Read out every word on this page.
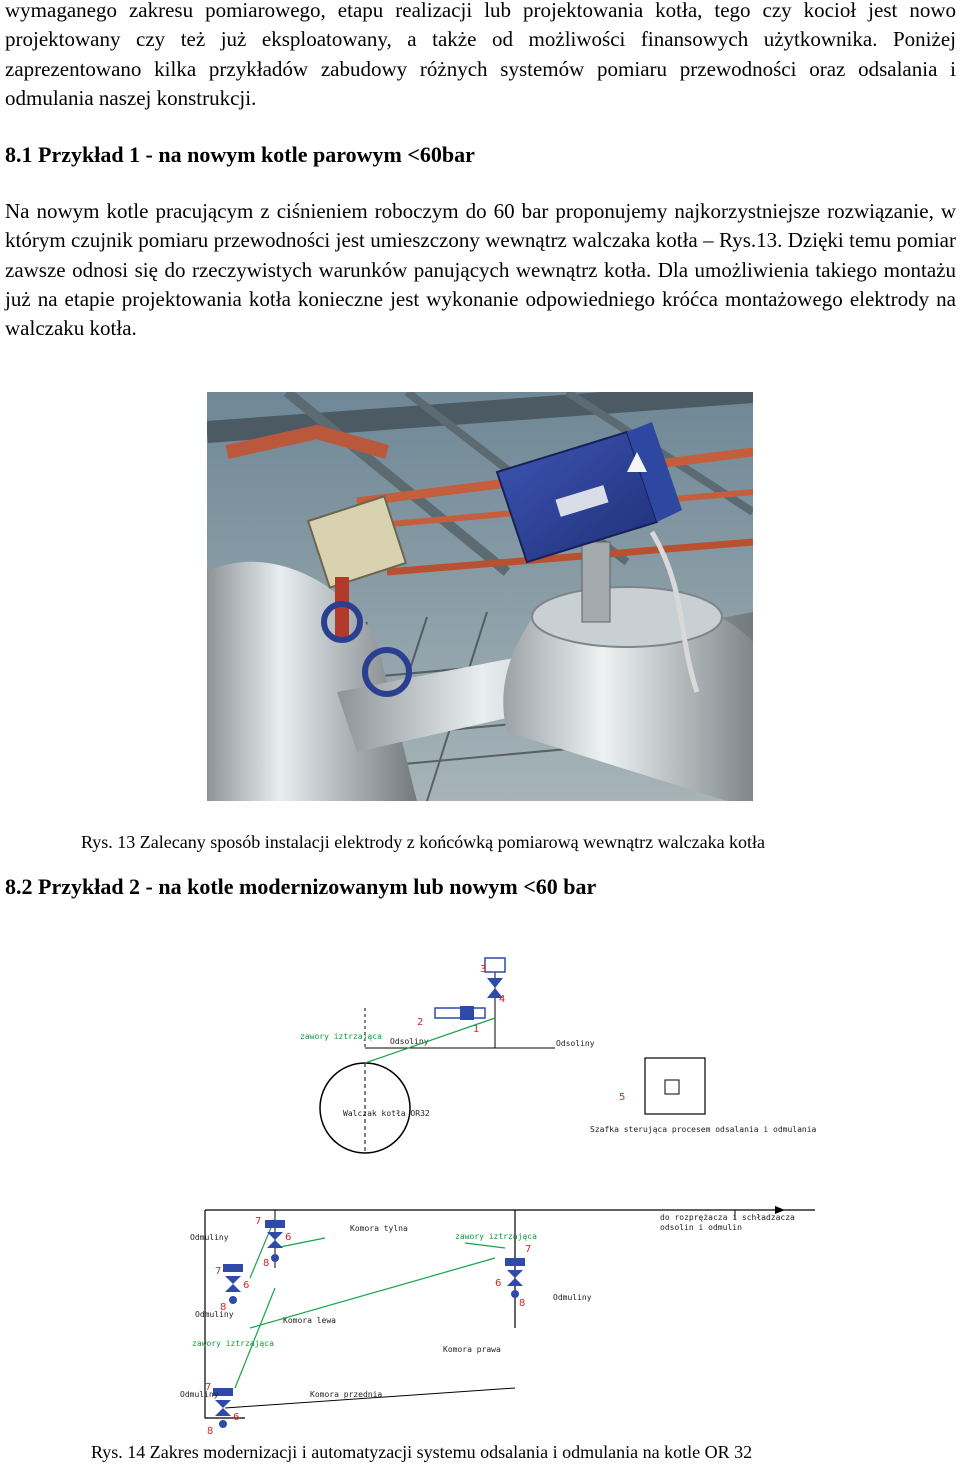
wymaganego zakresu pomiarowego, etapu realizacji lub projektowania kotła, tego czy kocioł jest nowo projektowany czy też już eksploatowany, a także od możliwości finansowych użytkownika. Poniżej zaprezentowano kilka przykładów zabudowy różnych systemów pomiaru przewodności oraz odsalania i odmulania naszej konstrukcji.

8.1 Przykład 1 - na nowym kotle parowym <60bar

Na nowym kotle pracującym z ciśnieniem roboczym do 60 bar proponujemy najkorzystniejsze rozwiązanie, w którym czujnik pomiaru przewodności jest umieszczony wewnątrz walczaka kotła – Rys.13. Dzięki temu pomiar zawsze odnosi się do rzeczywistych warunków panujących wewnątrz kotła. Dla umożliwienia takiego montażu już na etapie projektowania kotła konieczne jest wykonanie odpowiedniego króćca montażowego elektrody na walczaku kotła.

Rys. 13 Zalecany sposób instalacji elektrody z końcówką pomiarową wewnątrz walczaka kotła

8.2 Przykład 2 - na kotle modernizowanym lub nowym <60 bar
3
4
2
1
zawory iztrzająca
Odsoliny	Odsoliny
Walczak kotła OR32
5
Szafka sterująca procesem odsalania i odmulania
do rozprężacza i schładzacza
odsolin i odmulin
Komora tylna
Komora lewa
Komora prawa
Komora przednia
zawory iztrzająca
zawory iztrzająca
Odmuliny
Odmuliny
Odmuliny
Odmuliny
7
6
8
7
6
8
7
6
8
7
6
8

Rys. 14 Zakres modernizacji i automatyzacji systemu odsalania i odmulania na kotle OR 32
